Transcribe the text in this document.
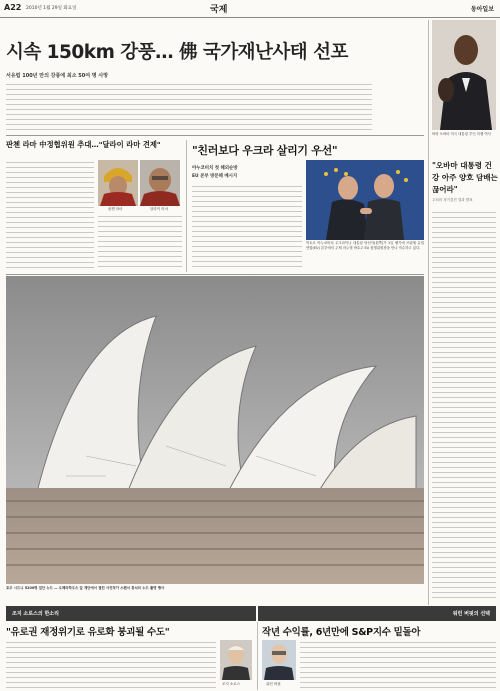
A22 2010년 1월 29일 화요일	국제	동아일보
시속 150km 강풍… 佛 국가재난사태 선포
서유럽 100년 만의 강풍에 최소 50여 명 사망
버락 오바마 미국 대통령 부인 미셸 여사
"오바마 대통령 건강 아주 양호 담배는 끊어라"
주치의 정기검진 결과 발표
판첸 라마 中정협위원 추대…"달라이 라마 견제"
판첸 라마	달라이 라마
"친러보다 우크라 살리기 우선"
야누코비치 첫 해외순방
EU 본부 방문해 메시지
빅토르 야누코비치 우크라이나 대통령 당선자(왼쪽)가 1일 벨기에 브뤼셀 유럽연합(EU) 본부에서 주제 마누엘 바호주 EU 집행위원장을 만나 악수하고 있다.
호주 시드니 5200명 집단 누드 — 오페라하우스 앞 계단에서 열린 사진작가 스펜서 튜닉의 누드 촬영 행사
조지 소로스의 한소리	워런 버핏의 선택
"유로권 재정위기로 유로화 붕괴될 수도"
조지 소로스
작년 수익률, 6년만에 S&P지수 밑돌아
워런 버핏
